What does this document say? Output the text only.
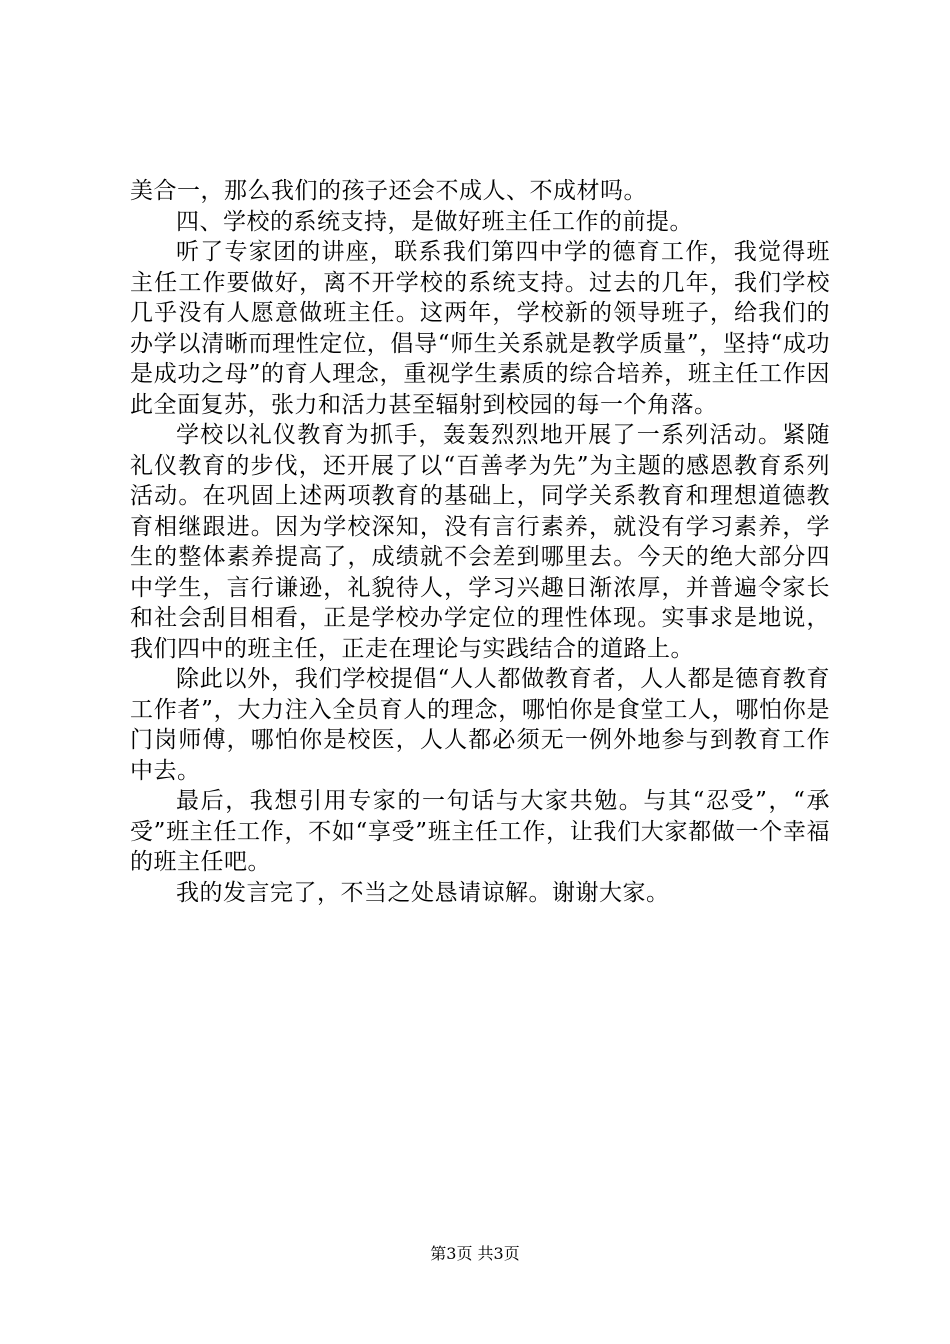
美合一，那么我们的孩子还会不成人、不成材吗。

四、学校的系统支持，是做好班主任工作的前提。

听了专家团的讲座，联系我们第四中学的德育工作，我觉得班主任工作要做好，离不开学校的系统支持。过去的几年，我们学校几乎没有人愿意做班主任。这两年，学校新的领导班子，给我们的办学以清晰而理性定位，倡导“师生关系就是教学质量”，坚持“成功是成功之母”的育人理念，重视学生素质的综合培养，班主任工作因此全面复苏，张力和活力甚至辐射到校园的每一个角落。

学校以礼仪教育为抓手，轰轰烈烈地开展了一系列活动。紧随礼仪教育的步伐，还开展了以“百善孝为先”为主题的感恩教育系列活动。在巩固上述两项教育的基础上，同学关系教育和理想道德教育相继跟进。因为学校深知，没有言行素养，就没有学习素养，学生的整体素养提高了，成绩就不会差到哪里去。今天的绝大部分四中学生，言行谦逊，礼貌待人，学习兴趣日渐浓厚，并普遍令家长和社会刮目相看，正是学校办学定位的理性体现。实事求是地说，我们四中的班主任，正走在理论与实践结合的道路上。

除此以外，我们学校提倡“人人都做教育者，人人都是德育教育工作者”，大力注入全员育人的理念，哪怕你是食堂工人，哪怕你是门岗师傅，哪怕你是校医，人人都必须无一例外地参与到教育工作中去。

最后，我想引用专家的一句话与大家共勉。与其“忍受”，“承受”班主任工作，不如“享受”班主任工作，让我们大家都做一个幸福的班主任吧。

我的发言完了，不当之处恳请谅解。谢谢大家。

第3页 共3页
